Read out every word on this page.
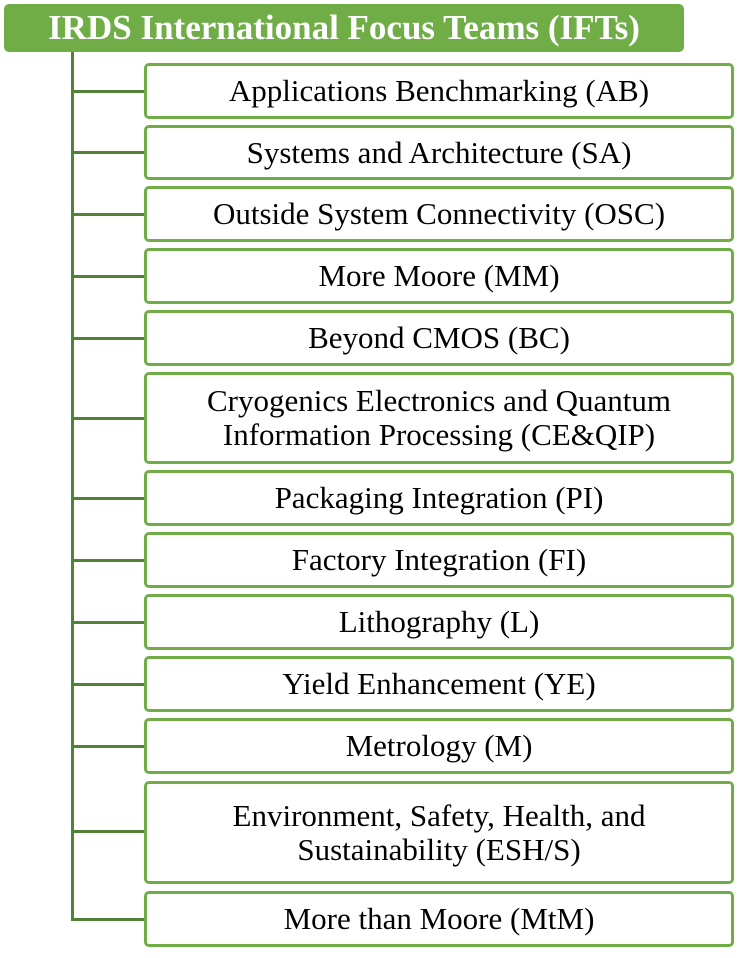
IRDS International Focus Teams (IFTs)
Applications Benchmarking (AB)
Systems and Architecture (SA)
Outside System Connectivity (OSC)
More Moore (MM)
Beyond CMOS (BC)
Cryogenics Electronics and Quantum Information Processing (CE&QIP)
Packaging Integration (PI)
Factory Integration (FI)
Lithography (L)
Yield Enhancement (YE)
Metrology (M)
Environment, Safety, Health, and Sustainability (ESH/S)
More than Moore (MtM)
